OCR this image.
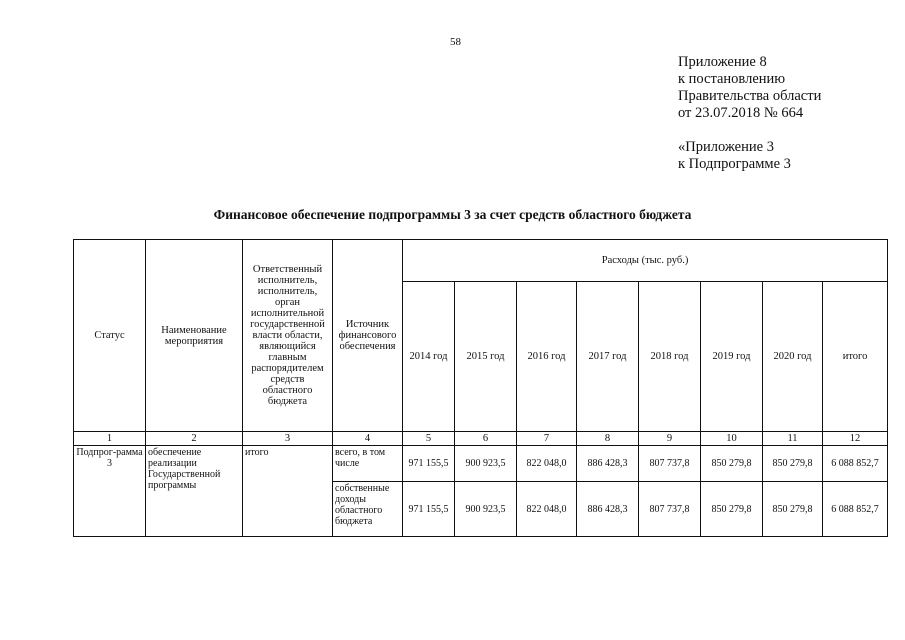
58
Приложение 8
к постановлению
Правительства области
от 23.07.2018 № 664
«Приложение 3
к Подпрограмме 3
Финансовое обеспечение подпрограммы 3 за счет средств областного бюджета
Статус	Наименование мероприятия	Ответственный исполнитель, исполнитель, орган исполнительной государственной власти области, являющийся главным распорядителем средств областного бюджета	Источник финансового обеспечения	Расходы (тыс. руб.)							
				2014 год	2015 год	2016 год	2017 год	2018 год	2019 год	2020 год	итого
1	2	3	4	5	6	7	8	9	10	11	12
Подпрог-рамма 3	обеспечение реализации Государственной программы	итого	всего, в том числе	971 155,5	900 923,5	822 048,0	886 428,3	807 737,8	850 279,8	850 279,8	6 088 852,7
			собственные доходы областного бюджета	971 155,5	900 923,5	822 048,0	886 428,3	807 737,8	850 279,8	850 279,8	6 088 852,7
